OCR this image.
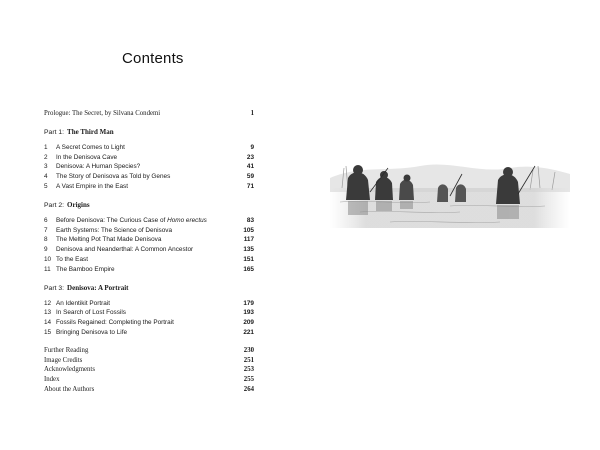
Contents
Prologue: The Secret, by Silvana Condemi	1
Part 1: The Third Man
1	A Secret Comes to Light	9
2	In the Denisova Cave	23
3	Denisova: A Human Species?	41
4	The Story of Denisova as Told by Genes	59
5	A Vast Empire in the East	71
Part 2: Origins
6	Before Denisova: The Curious Case of Homo erectus	83
7	Earth Systems: The Science of Denisova	105
8	The Melting Pot That Made Denisova	117
9	Denisova and Neanderthal: A Common Ancestor	135
10 To the East	151
11 The Bamboo Empire	165
Part 3: Denisova: A Portrait
12 An Identikit Portrait	179
13 In Search of Lost Fossils	193
14 Fossils Regained: Completing the Portrait	209
15 Bringing Denisova to Life	221
Further Reading	230
Image Credits	251
Acknowledgments	253
Index	255
About the Authors	264
